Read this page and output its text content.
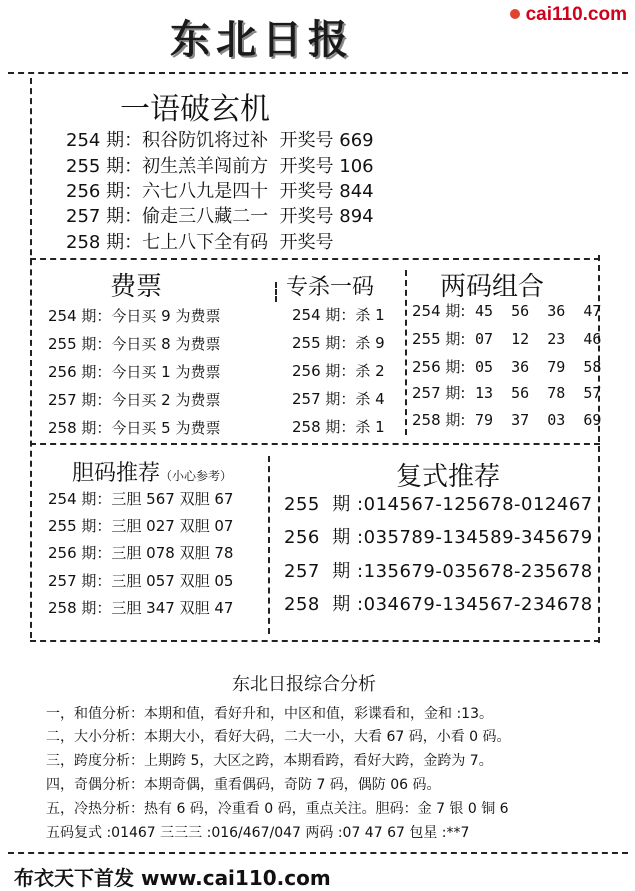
东北日报
cai110.com
一语破玄机
254 期：积谷防饥将过补 开奖号 669
255 期：初生羔羊闯前方 开奖号 106
256 期：六七八九是四十 开奖号 844
257 期：偷走三八藏二一 开奖号 894
258 期：七上八下全有码 开奖号
费票
254 期：今日买 9 为费票
255 期：今日买 8 为费票
256 期：今日买 1 为费票
257 期：今日买 2 为费票
258 期：今日买 5 为费票
专杀一码
254 期：杀 1
255 期：杀 9
256 期：杀 2
257 期：杀 4
258 期：杀 1
两码组合
254 期: 45  56  36  47
255 期: 07  12  23  46
256 期: 05  36  79  58
257 期: 13  56  78  57
258 期: 79  37  03  69
胆码推荐（小心参考）
254 期：三胆 567 双胆 67
255 期：三胆 027 双胆 07
256 期：三胆 078 双胆 78
257 期：三胆 057 双胆 05
258 期：三胆 347 双胆 47
复式推荐
255  期 :014567-125678-012467
256  期 :035789-134589-345679
257  期 :135679-035678-235678
258  期 :034679-134567-234678
东北日报综合分析
一，和值分析：本期和值，看好升和，中区和值，彩谍看和，金和 :13。
二，大小分析：本期大小，看好大码，二大一小，大看 67 码，小看 0 码。
三，跨度分析：上期跨 5，大区之跨，本期看跨，看好大跨，金跨为 7。
四，奇偶分析：本期奇偶，重看偶码，奇防 7 码，偶防 06 码。
五，冷热分析：热有 6 码，冷重看 0 码，重点关注。胆码：金 7 银 0 铜 6
五码复式 :01467 三三三 :016/467/047 两码 :07 47 67 包星 :**7
布衣天下首发 www.cai110.com
